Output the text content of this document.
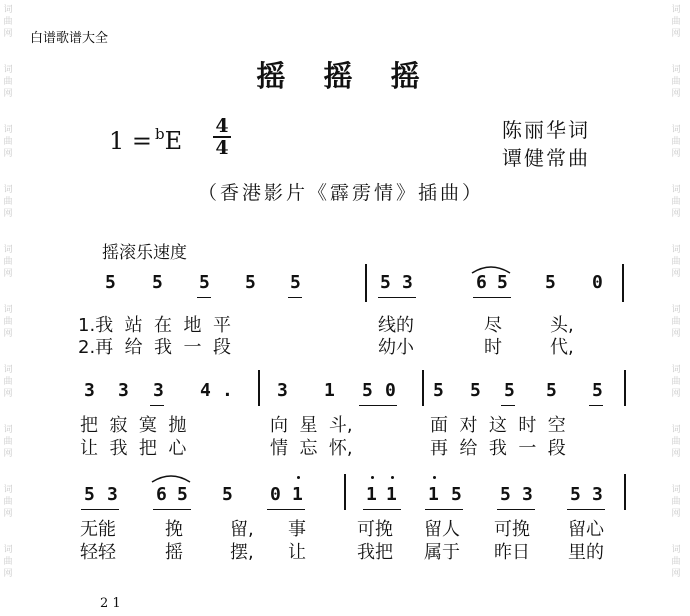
词
曲
网
词
曲
网
词
曲
网
词
曲
网
词
曲
网
词
曲
网
词
曲
网
词
曲
网
词
曲
网
词
曲
网
词
曲
网
词
曲
网
词
曲
网
词
曲
网
词
曲
网
词
曲
网
词
曲
网
词
曲
网
词
曲
网
词
曲
网
白谱歌谱大全
摇 摇 摇
1 = $^b$E
4
4
陈丽华词
谭健常曲
（香港影片《霹雳情》插曲）
摇滚乐速度
5 5 5 5 5	5 3	6 5 5 0
1.我  站  在  地  平	线的	尽	头,
2.再  给  我  一  段	幼小	时	代,
3 3 3 4 . 3 1 5 0 5 5 5 5 5
把  寂  寞  抛	向  星  斗,	面  对  这  时  空
让  我  把  心	情  忘  怀,	再  给  我  一  段
5 3 6 5 5 0 1	1 1 1 5 5 3 5 3
无能	挽	留, 事	可挽 留人 可挽 留心
轻轻	摇	摆, 让	我把 属于 昨日 里的
2 1
